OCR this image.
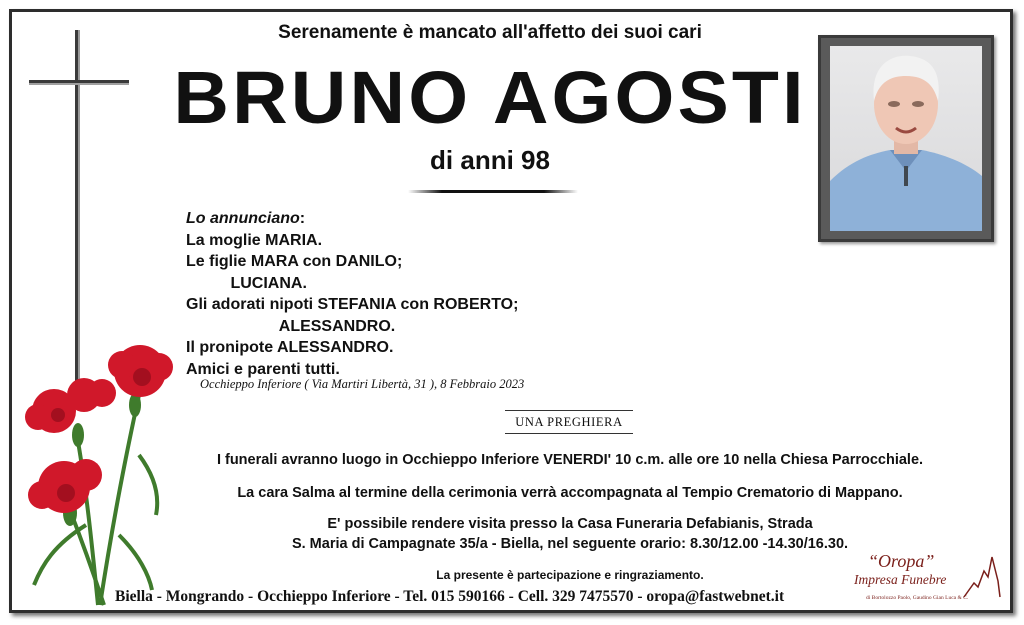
Serenamente è mancato all'affetto dei suoi cari
BRUNO AGOSTI
di anni 98
Lo annunciano:
La moglie MARIA.
Le figlie MARA con DANILO;
LUCIANA.
Gli adorati nipoti STEFANIA con ROBERTO;
ALESSANDRO.
Il pronipote ALESSANDRO.
Amici e parenti tutti.
Occhieppo Inferiore ( Via Martiri Libertà, 31 ), 8 Febbraio 2023
UNA PREGHIERA
I funerali avranno luogo in Occhieppo Inferiore VENERDI' 10 c.m. alle ore 10 nella Chiesa Parrocchiale.
La cara Salma al termine della cerimonia verrà accompagnata al Tempio Crematorio di Mappano.
E' possibile rendere visita presso la Casa Funeraria Defabianis, Strada
S. Maria di Campagnate 35/a - Biella, nel seguente orario: 8.30/12.00 -14.30/16.30.
La presente è partecipazione e ringraziamento.
Biella - Mongrando - Occhieppo Inferiore - Tel. 015 590166 - Cell. 329 7475570 - oropa@fastwebnet.it
“Oropa”
Impresa Funebre
di Bortolozzo Paolo, Gaudino Gian Luca & C.
